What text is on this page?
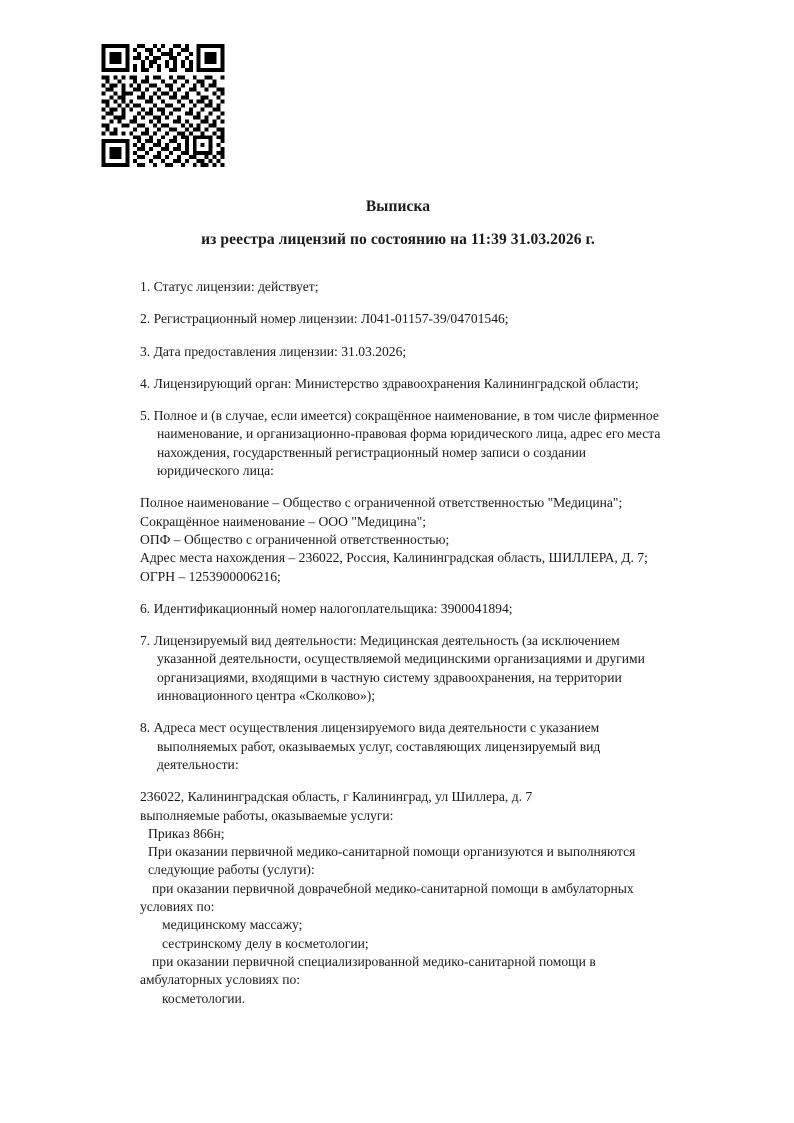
Выписка
из реестра лицензий по состоянию на 11:39 31.03.2026 г.
1. Статус лицензии: действует;
2. Регистрационный номер лицензии: Л041-01157-39/04701546;
3. Дата предоставления лицензии: 31.03.2026;
4. Лицензирующий орган: Министерство здравоохранения Калининградской области;
5. Полное и (в случае, если имеется) сокращённое наименование, в том числе фирменное наименование, и организационно-правовая форма юридического лица, адрес его места нахождения, государственный регистрационный номер записи о создании юридического лица:
Полное наименование – Общество с ограниченной ответственностью "Медицина";
Сокращённое наименование – ООО "Медицина";
ОПФ – Общество с ограниченной ответственностью;
Адрес места нахождения – 236022, Россия, Калининградская область, ШИЛЛЕРА, Д. 7;
ОГРН – 1253900006216;
6. Идентификационный номер налогоплательщика: 3900041894;
7. Лицензируемый вид деятельности: Медицинская деятельность (за исключением указанной деятельности, осуществляемой медицинскими организациями и другими организациями, входящими в частную систему здравоохранения, на территории инновационного центра «Сколково»);
8. Адреса мест осуществления лицензируемого вида деятельности с указанием выполняемых работ, оказываемых услуг, составляющих лицензируемый вид деятельности:
236022, Калининградская область, г Калининград, ул Шиллера, д. 7
выполняемые работы, оказываемые услуги:
Приказ 866н;
При оказании первичной медико-санитарной помощи организуются и выполняются
следующие работы (услуги):
при оказании первичной доврачебной медико-санитарной помощи в амбулаторных
условиях по:
медицинскому массажу;
сестринскому делу в косметологии;
при оказании первичной специализированной медико-санитарной помощи в
амбулаторных условиях по:
косметологии.
